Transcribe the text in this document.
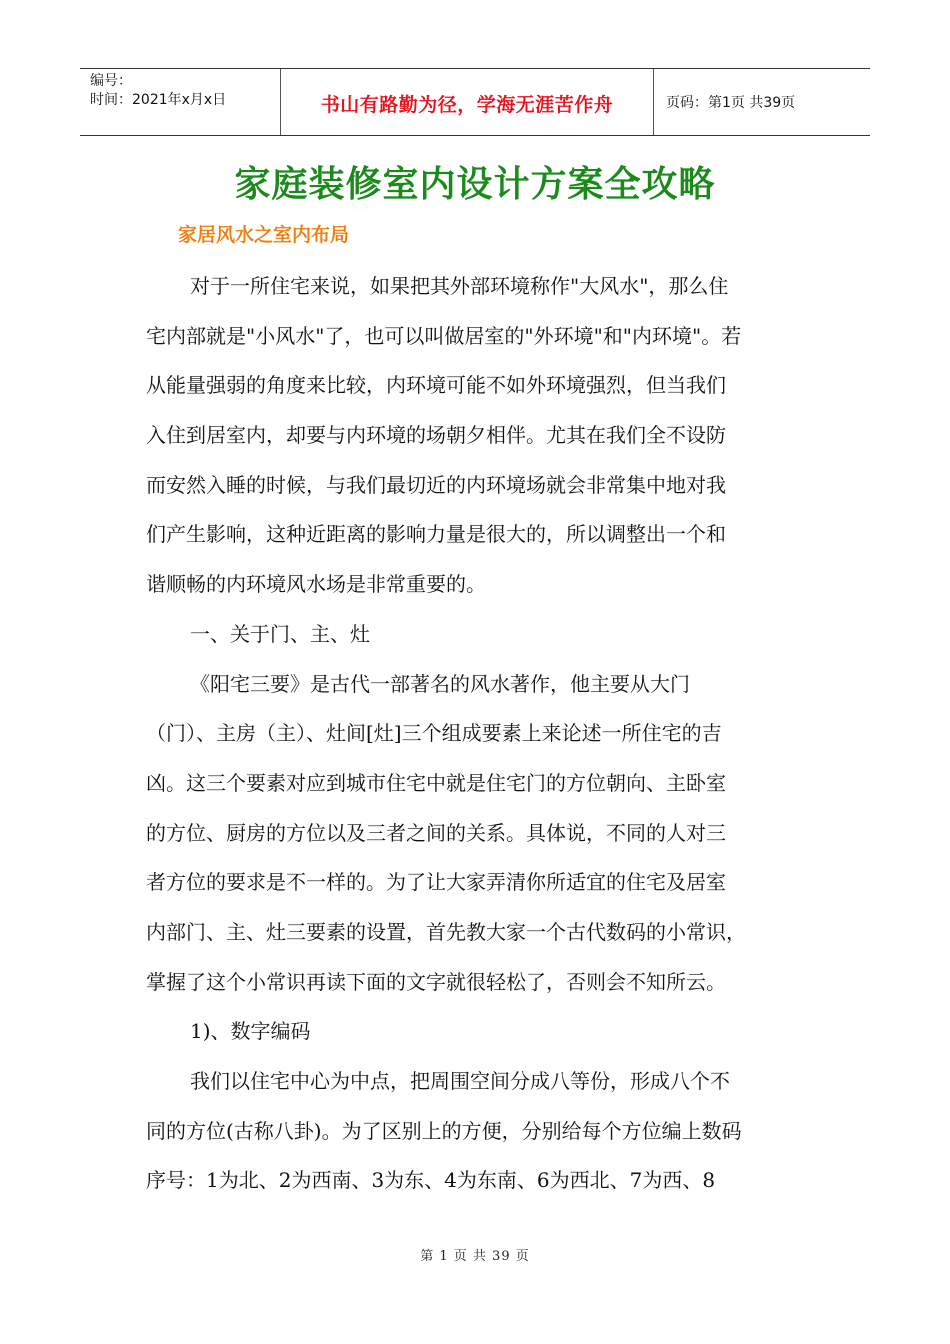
编号：
时间：2021年x月x日	书山有路勤为径，学海无涯苦作舟	页码：第1页 共39页
家庭装修室内设计方案全攻略
家居风水之室内布局
对于一所住宅来说，如果把其外部环境称作"大风水"，那么住
宅内部就是"小风水"了，也可以叫做居室的"外环境"和"内环境"。若
从能量强弱的角度来比较，内环境可能不如外环境强烈，但当我们
入住到居室内，却要与内环境的场朝夕相伴。尤其在我们全不设防
而安然入睡的时候，与我们最切近的内环境场就会非常集中地对我
们产生影响，这种近距离的影响力量是很大的，所以调整出一个和
谐顺畅的内环境风水场是非常重要的。
一、关于门、主、灶
《阳宅三要》是古代一部著名的风水著作，他主要从大门
（门）、主房（主）、灶间[灶]三个组成要素上来论述一所住宅的吉
凶。这三个要素对应到城市住宅中就是住宅门的方位朝向、主卧室
的方位、厨房的方位以及三者之间的关系。具体说，不同的人对三
者方位的要求是不一样的。为了让大家弄清你所适宜的住宅及居室
内部门、主、灶三要素的设置，首先教大家一个古代数码的小常识，
掌握了这个小常识再读下面的文字就很轻松了，否则会不知所云。
1)、数字编码
我们以住宅中心为中点，把周围空间分成八等份，形成八个不
同的方位(古称八卦)。为了区别上的方便，分别给每个方位编上数码
序号：1为北、2为西南、3为东、4为东南、6为西北、7为西、8
第 1 页 共 39 页
